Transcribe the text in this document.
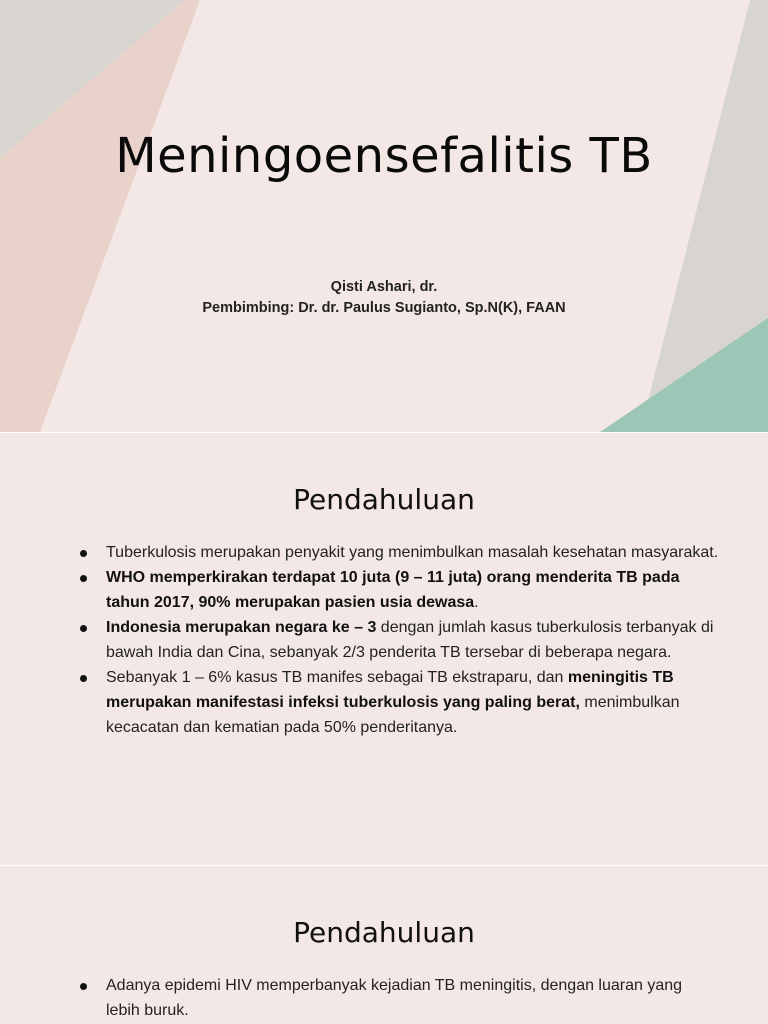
Meningoensefalitis TB
Qisti Ashari, dr.
Pembimbing: Dr. dr. Paulus Sugianto, Sp.N(K), FAAN
Pendahuluan
Tuberkulosis merupakan penyakit yang menimbulkan masalah kesehatan masyarakat.
WHO memperkirakan terdapat 10 juta (9 – 11 juta) orang menderita TB pada tahun 2017, 90% merupakan pasien usia dewasa.
Indonesia merupakan negara ke – 3 dengan jumlah kasus tuberkulosis terbanyak di bawah India dan Cina, sebanyak 2/3 penderita TB tersebar di beberapa negara.
Sebanyak 1 – 6% kasus TB manifes sebagai TB ekstraparu, dan meningitis TB merupakan manifestasi infeksi tuberkulosis yang paling berat, menimbulkan kecacatan dan kematian pada 50% penderitanya.
Pendahuluan
Adanya epidemi HIV memperbanyak kejadian TB meningitis, dengan luaran yang lebih buruk.
